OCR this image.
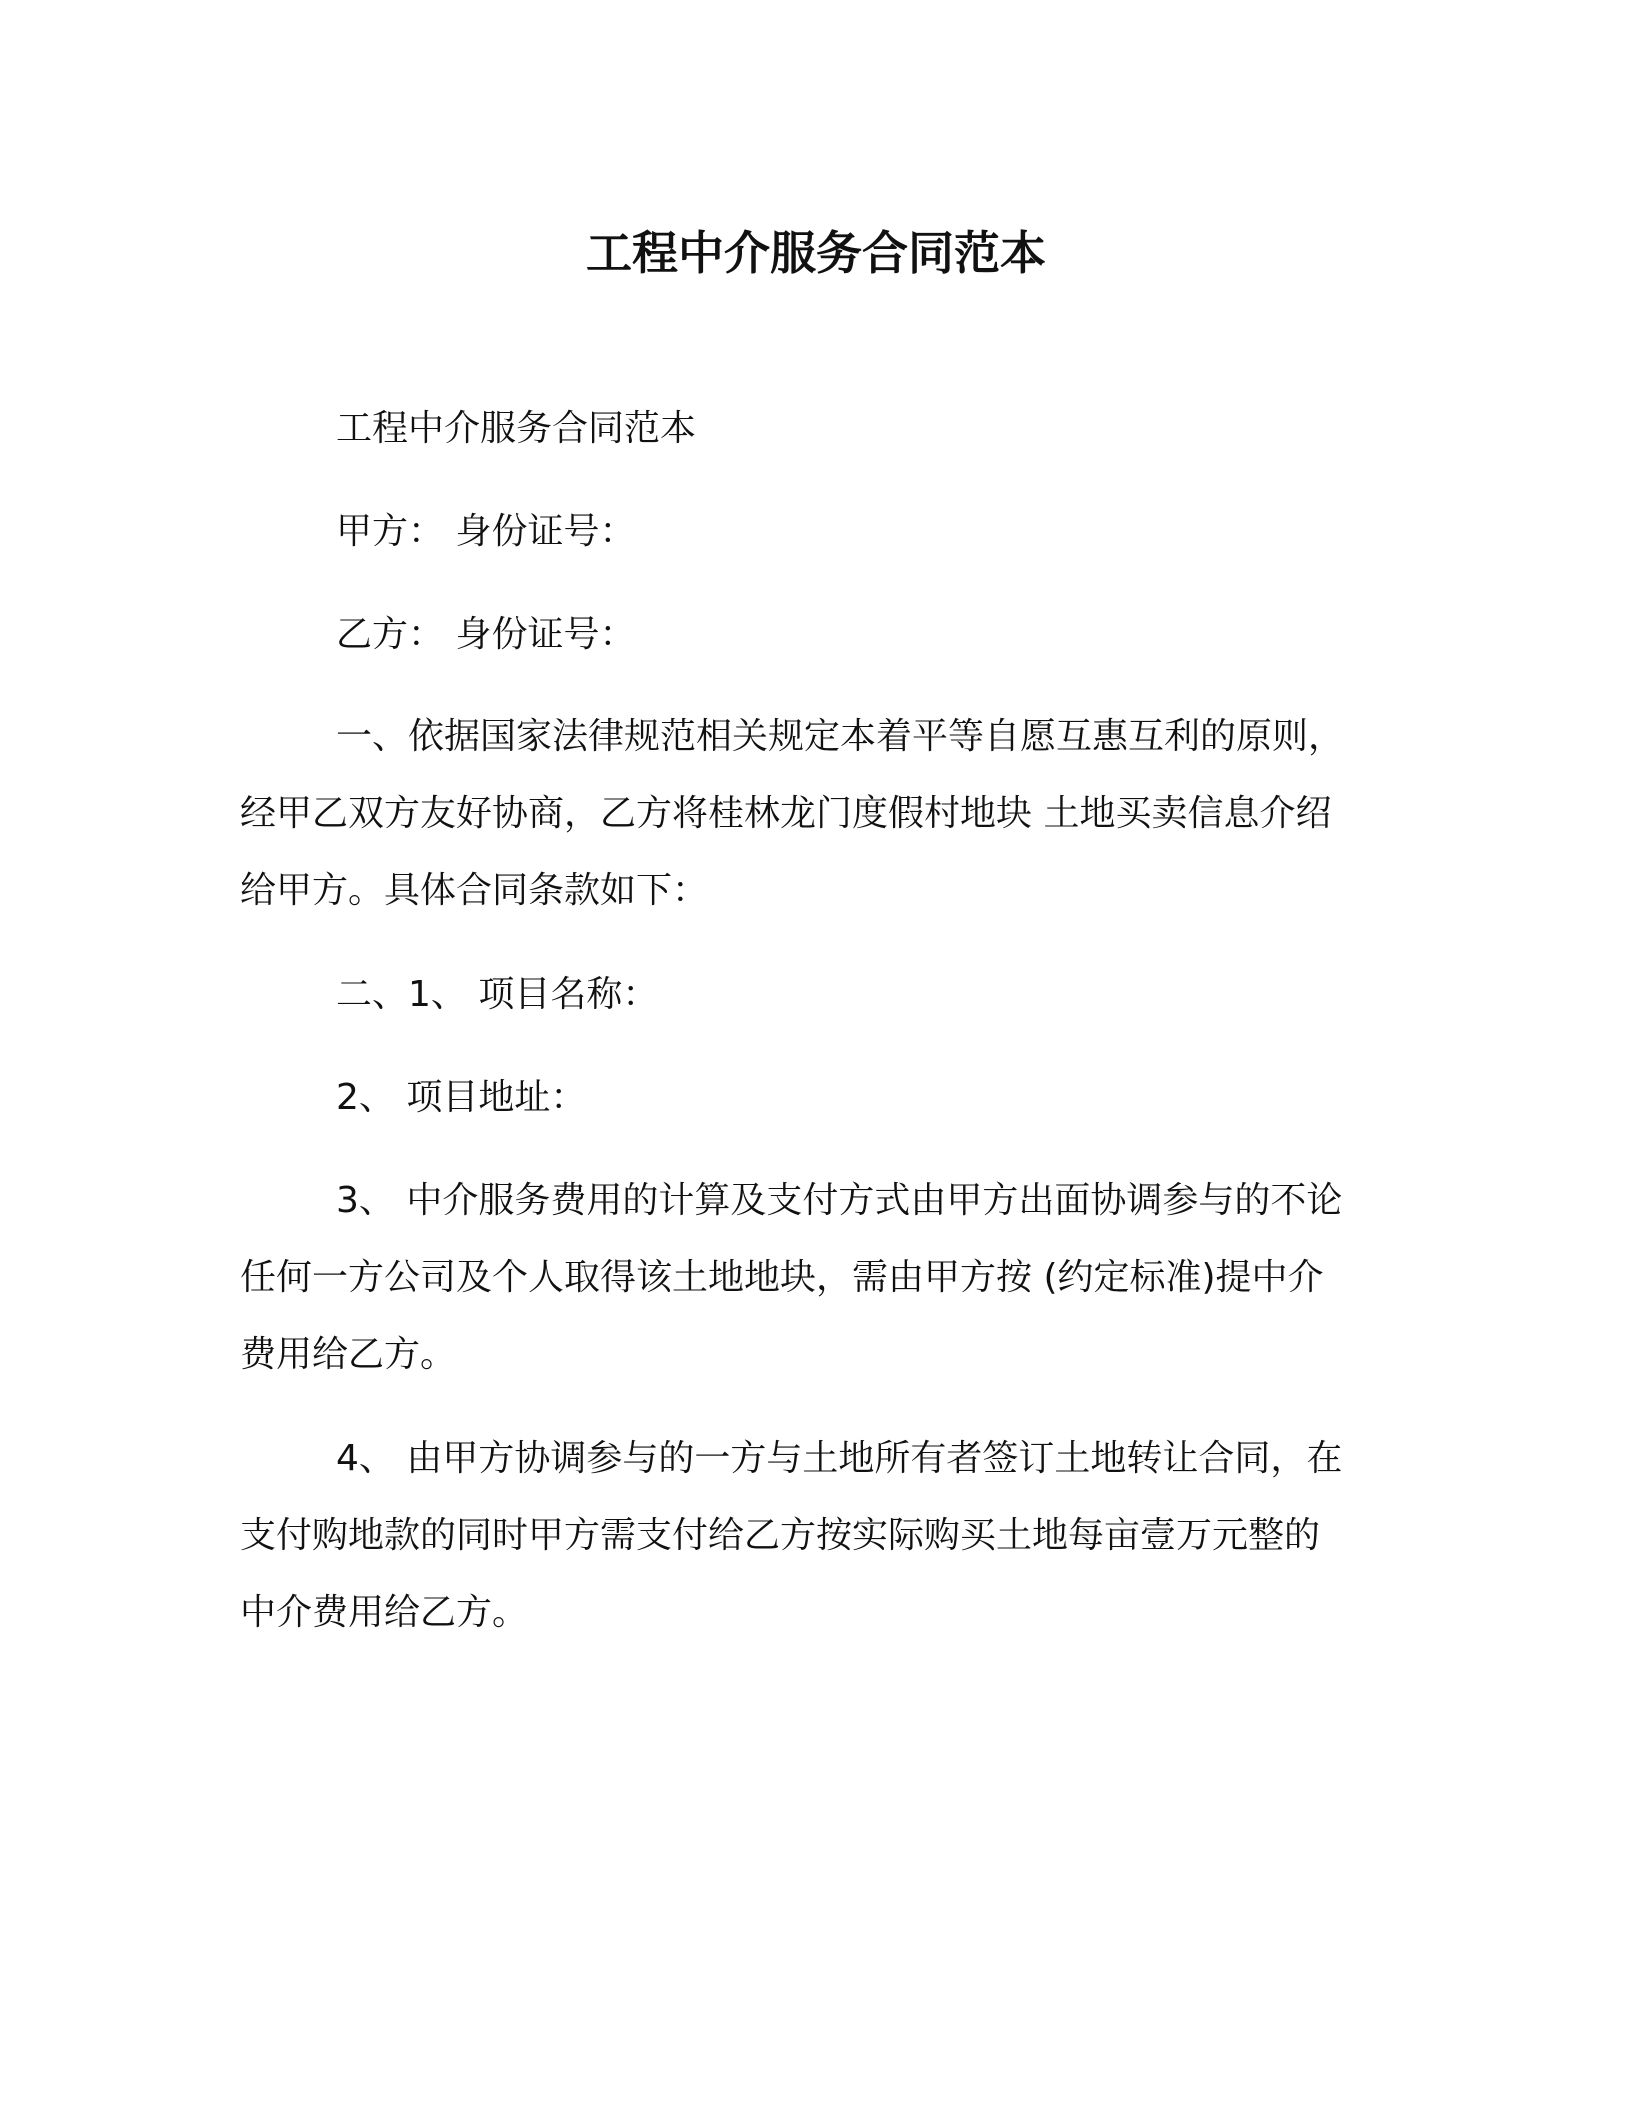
工程中介服务合同范本
工程中介服务合同范本
甲方： 身份证号：
乙方： 身份证号：
一、依据国家法律规范相关规定本着平等自愿互惠互利的原则，
经甲乙双方友好协商，乙方将桂林龙门度假村地块 土地买卖信息介绍
给甲方。具体合同条款如下：
二、1、 项目名称：
2、 项目地址：
3、 中介服务费用的计算及支付方式由甲方出面协调参与的不论
任何一方公司及个人取得该土地地块，需由甲方按 (约定标准)提中介
费用给乙方。
4、 由甲方协调参与的一方与土地所有者签订土地转让合同，在
支付购地款的同时甲方需支付给乙方按实际购买土地每亩壹万元整的
中介费用给乙方。
